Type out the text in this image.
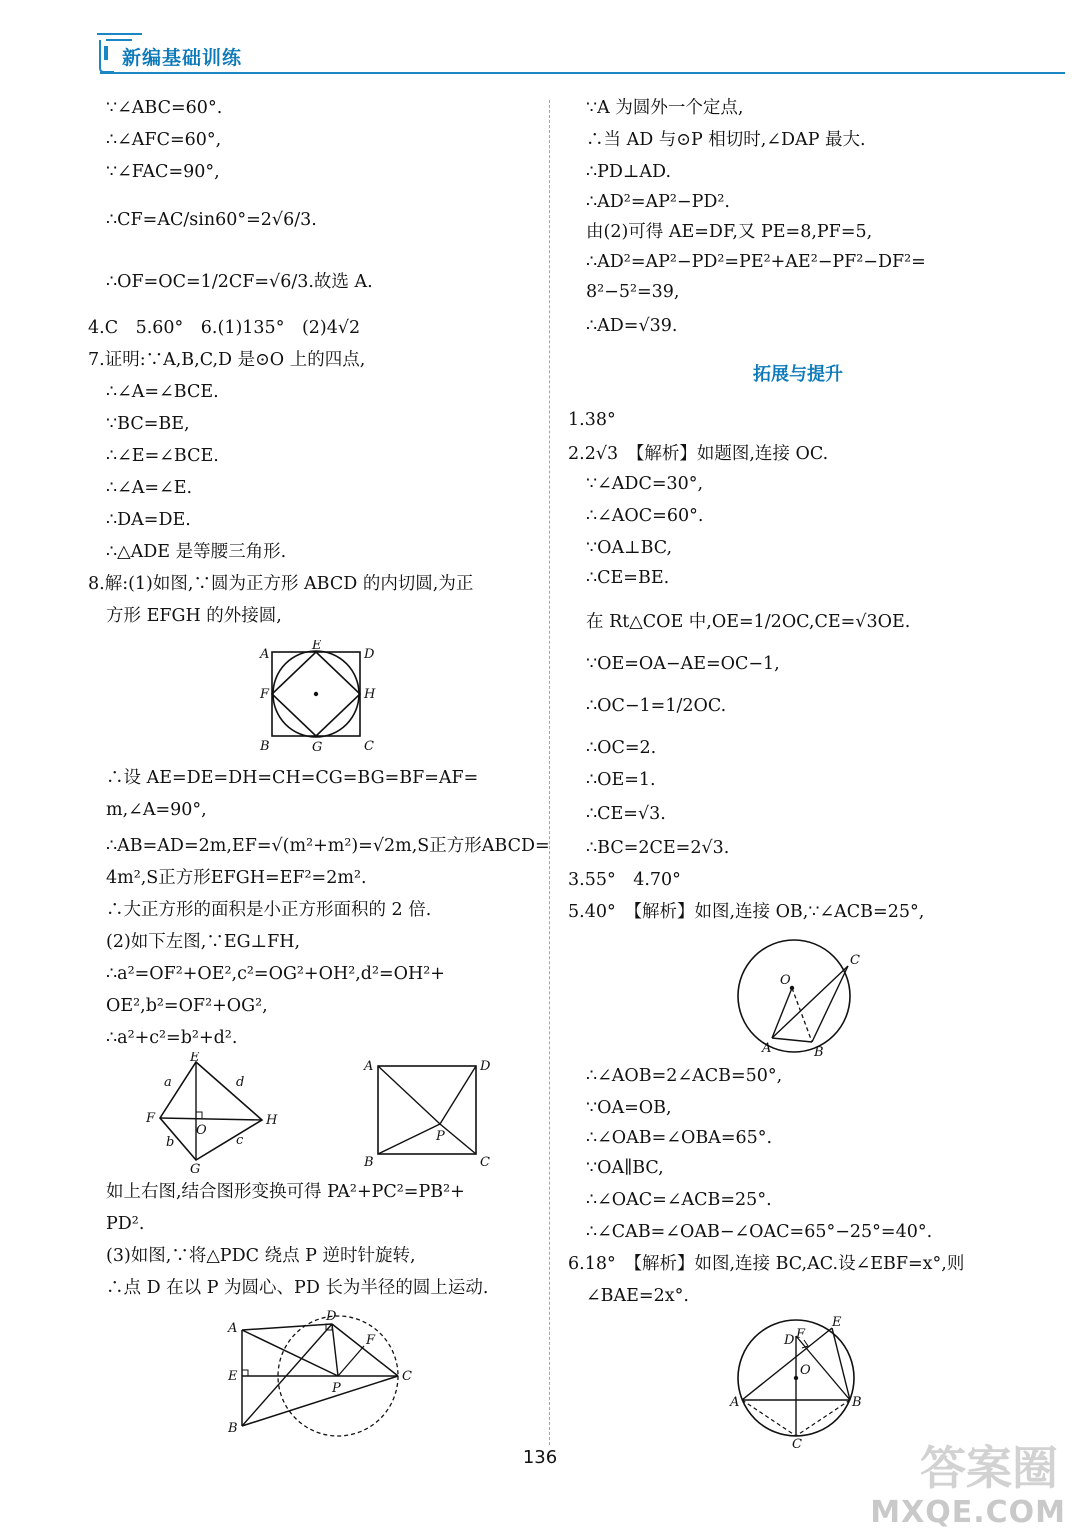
新编基础训练
∵∠ABC=60°.
∴∠AFC=60°,
∵∠FAC=90°,
∴CF=AC/sin60°=2√6/3.
∴OF=OC=1/2CF=√6/3.故选 A.
4.C　5.60°　6.(1)135°　(2)4√2
7.证明:∵A,B,C,D 是⊙O 上的四点,
∴∠A=∠BCE.
∵BC=BE,
∴∠E=∠BCE.
∴∠A=∠E.
∴DA=DE.
∴△ADE 是等腰三角形.
8.解:(1)如图,∵圆为正方形 ABCD 的内切圆,为正
方形 EFGH 的外接圆,
A
E
D
F	H
B	G	C
∴设 AE=DE=DH=CH=CG=BG=BF=AF=
m,∠A=90°,
∴AB=AD=2m,EF=√(m²+m²)=√2m,S正方形ABCD=
4m²,S正方形EFGH=EF²=2m².
∴大正方形的面积是小正方形面积的 2 倍.
(2)如下左图,∵EG⊥FH,
∴a²=OF²+OE²,c²=OG²+OH²,d²=OH²+
OE²,b²=OF²+OG²,
∴a²+c²=b²+d².
E
a	d
F
O
H
b	c
G
A	D
B
P
C
如上右图,结合图形变换可得 PA²+PC²=PB²+
PD².
(3)如图,∵将△PDC 绕点 P 逆时针旋转,
∴点 D 在以 P 为圆心、PD 长为半径的圆上运动.
A
D
F
E
P
C
B
∵A 为圆外一个定点,
∴当 AD 与⊙P 相切时,∠DAP 最大.
∴PD⊥AD.
∴AD²=AP²−PD².
由(2)可得 AE=DF,又 PE=8,PF=5,
∴AD²=AP²−PD²=PE²+AE²−PF²−DF²=
8²−5²=39,
∴AD=√39.
拓展与提升
1.38°
2.2√3　【解析】如题图,连接 OC.
∵∠ADC=30°,
∴∠AOC=60°.
∵OA⊥BC,
∴CE=BE.
在 Rt△COE 中,OE=1/2OC,CE=√3OE.
∵OE=OA−AE=OC−1,
∴OC−1=1/2OC.
∴OC=2.
∴OE=1.
∴CE=√3.
∴BC=2CE=2√3.
3.55°　4.70°
5.40°　【解析】如图,连接 OB,∵∠ACB=25°,
O
C
A	B
∴∠AOB=2∠ACB=50°,
∵OA=OB,
∴∠OAB=∠OBA=65°.
∵OA∥BC,
∴∠OAC=∠ACB=25°.
∴∠CAB=∠OAB−∠OAC=65°−25°=40°.
6.18°　【解析】如图,连接 BC,AC.设∠EBF=x°,则
∠BAE=2x°.
E
D F
O
A	B
C
136	答案圈
MXQE.COM
